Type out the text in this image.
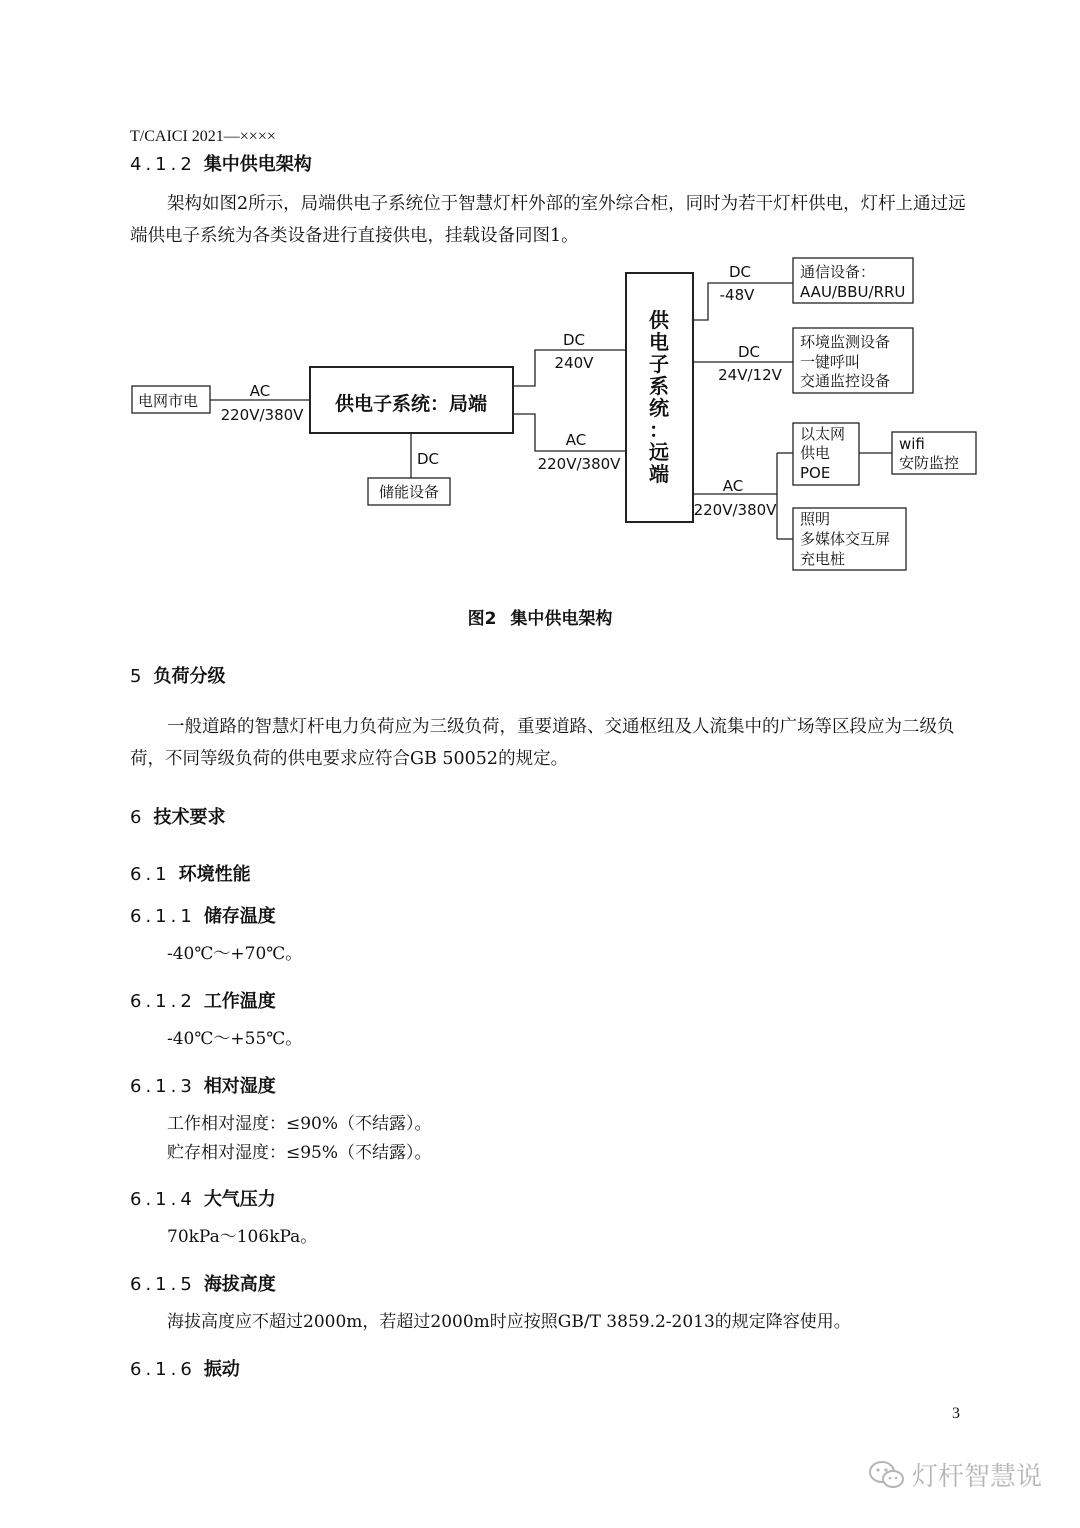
T/CAICI 2021—××××
4.1.2 集中供电架构
架构如图2所示，局端供电子系统位于智慧灯杆外部的室外综合柜，同时为若干灯杆供电，灯杆上通过远端供电子系统为各类设备进行直接供电，挂载设备同图1。
电网市电
AC
220V/380V 供电子系统：局端
DC
储能设备
DC
240V
AC
220V/380V
供
电
子
系
统
：
远
端
DC
-48V
通信设备：
AAU/BBU/RRU
DC
24V/12V
环境监测设备
一键呼叫
交通监控设备
AC
220V/380V
以太网
供电
POE
wifi
安防监控
照明
多媒体交互屏
充电桩
图2 集中供电架构
5 负荷分级
一般道路的智慧灯杆电力负荷应为三级负荷，重要道路、交通枢纽及人流集中的广场等区段应为二级负荷，不同等级负荷的供电要求应符合GB 50052的规定。
6 技术要求
6.1 环境性能
6.1.1 储存温度
-40℃～+70℃。
6.1.2 工作温度
-40℃～+55℃。
6.1.3 相对湿度
工作相对湿度：≤90%（不结露）。
贮存相对湿度：≤95%（不结露）。
6.1.4 大气压力
70kPa～106kPa。
6.1.5 海拔高度
海拔高度应不超过2000m，若超过2000m时应按照GB/T 3859.2-2013的规定降容使用。
6.1.6 振动
3
灯杆智慧说
